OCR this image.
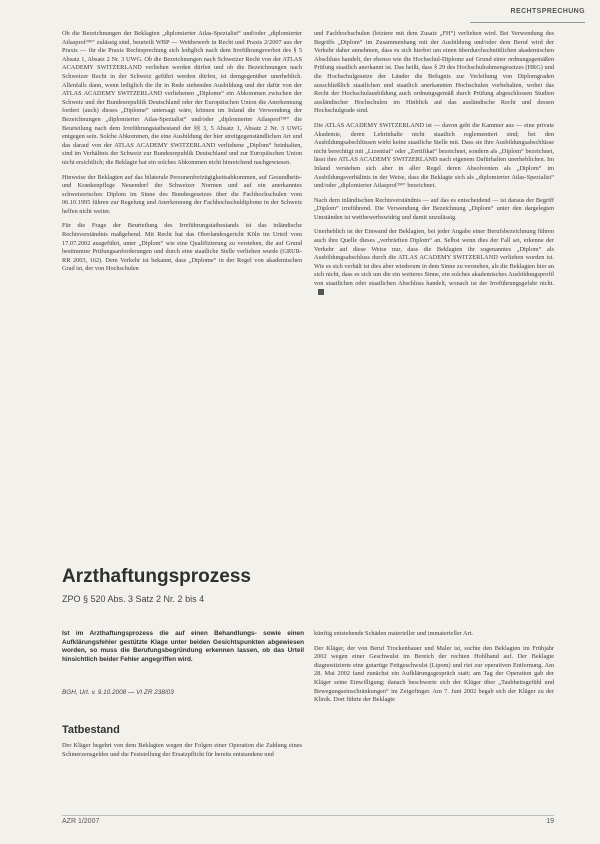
RECHTSPRECHUNG

Ob die Bezeichnungen der Beklagten „diplomierter Atlas-Spezialist“ und/oder „diplomierter Atlasprof™“ zulässig sind, beurteilt WBP — Wettbewerb in Recht und Praxis 2/2007 aus der Praxis — für die Praxis Rechtsprechung sich lediglich nach dem Irreführungsverbot des § 5 Absatz 1, Absatz 2 Nr. 3 UWG. Ob die Bezeichnungen nach Schweizer Recht von der ATLAS ACADEMY SWITZERLAND verliehen werden dürfen und ob die Bezeichnungen nach Schweizer Recht in der Schweiz geführt werden dürfen, ist demgegenüber unerheblich. Allenfalls dann, wenn lediglich die ihr in Rede stehenden Ausbildung und der dafür von der ATLAS ACADEMY SWITZERLAND verliehenen „Diplome“ ein Abkommen zwischen der Schweiz und der Bundesrepublik Deutschland oder der Europäischen Union die Anerkennung fordert (auch) dieses „Diplome“ untersagt wäre, können im Inland die Verwendung der Bezeichnungen „diplomierter Atlas-Spezialist“ und/oder „diplomierter Atlasprof™“ die Beurteilung nach dem Irreführungstatbestand der §§ 3, 5 Absatz 1, Absatz 2 Nr. 3 UWG entgegen sein. Solche Abkommen, die eine Ausbildung der hier streitgegenständlichen Art und das darauf von der ATLAS ACADEMY SWITZERLAND verliehene „Diplom“ beinhalten, sind im Verhältnis der Schweiz zur Bundesrepublik Deutschland und zur Europäischen Union nicht ersichtlich; die Beklagte hat ein solches Abkommen nicht hinreichend nachgewiesen.

Hinweise der Beklagten auf das bilaterale Personenfreizügigkeitsabkommen, auf Gesundheits- und Krankenpflege Neuendorf der Schweizer Normen und auf ein anerkanntes schweizerisches Diplom im Sinne des Bundesgesetzes über die Fachhochschulen vom 06.10.1995 führen zur Regelung und Anerkennung der Fachhochschuldiplome in der Schweiz helfen nicht weiter.

Für die Frage der Beurteilung des Irreführungstatbestands ist das inländische Rechtsverständnis maßgebend. Mit Recht hat das Oberlandesgericht Köln im Urteil vom 17.07.2002 ausgeführt, unter „Diplom“ wie eine Qualifizierung zu verstehen, die auf Grund bestimmter Prüfungsanforderungen und durch eine staatliche Stelle verliehen wurde (GRUR-RR 2003, 162). Dem Verkehr ist bekannt, dass „Diplome“ in der Regel von akademischen Grad ist, der von Hochschulen

und Fachhochschulen (letztere mit dem Zusatz „FH“) verliehen wird. Bei Verwendung des Begriffs „Diplom“ im Zusammenhang mit der Ausbildung und/oder dem Beruf wird der Verkehr daher annehmen, dass es sich hierbei um einen überdurchschnittlichen akademischen Abschluss handelt, der ebenso wie die Hochschul-Diplome auf Grund einer ordnungsgemäßen Prüfung staatlich anerkannt ist. Das heißt, dass § 29 des Hochschulrahmengesetzes (HRG) und die Hochschulgesetze der Länder die Befugnis zur Verleihung von Diplomgraden ausschließlich staatlichen und staatlich anerkannten Hochschulen vorbehalten, wobei das Recht der Hochschulausbildung auch ordnungsgemäß durch Prüfung abgeschlossen Studien ausländischer Hochschulen im Hinblick auf das ausländische Recht und dessen Hochschulgrade sind.

Die ATLAS ACADEMY SWITZERLAND ist — davon geht die Kammer aus — eine private Akademie, deren Lehrinhalte nicht staatlich reglementiert sind; bei den Ausbildungsabschlüssen wirkt keine staatliche Stelle mit. Dass sie ihre Ausbildungsabschlüsse nicht berechtigt mit „Lizentiat“ oder „Zertifikat“ bezeichnet, sondern als „Diplom“ bezeichnet, lässt ihre ATLAS ACADEMY SWITZERLAND nach eigenem Dafürhalten unerheblichen. Im Inland verstehen sich aber in aller Regel deren Absolventen als „Diplom“ im Ausbildungsverhältnis in der Weise, dass die Beklagte sich als „diplomierter Atlas-Spezialist“ und/oder „diplomierter Atlasprof™“ bezeichnet.

Nach dem inländischen Rechtsverständnis — auf das es entscheidend — ist daraus der Begriff „Diplom“ irreführend. Die Verwendung der Bezeichnung „Diplom“ unter den dargelegten Umständen ist wettbewerbswidrig und damit unzulässig.

Unerheblich ist der Einwand der Beklagten, bei jeder Angabe einer Berufsbezeichnung führen auch ihre Quelle dieses „verbrieften Diplom“ an. Selbst wenn dies der Fall sei, erkenne der Verkehr auf diese Weise nur, dass die Beklagten ihr sogenanntes „Diplom“ als Ausbildungsabschluss durch die ATLAS ACADEMY SWITZERLAND verliehen worden ist. Wie es sich verhält ist dies aber wiederum in dem Sinne zu verstehen, als die Beklagten hier an sich nicht, dass es sich um die ein weiteres Sinne, ein solches akademisches Ausbildungsprofil von staatlichen oder staatlichen Abschluss handelt, wonach ist der Irreführungsgefahr nicht.

Arzthaftungsprozess
ZPO § 520 Abs. 3 Satz 2 Nr. 2 bis 4
Ist im Arzthaftungsprozess die auf einen Behandlungs- sowie einen Aufklärungsfehler gestützte Klage unter beiden Gesichtspunkten abgewiesen worden, so muss die Berufungsbegründung erkennen lassen, ob das Urteil hinsichtlich beider Fehler angegriffen wird.
BGH, Urt. v. 9.10.2008 — VI ZR 238/03
Tatbestand

Der Kläger begehrt von dem Beklagten wegen der Folgen einer Operation die Zahlung eines Schmerzensgeldes und die Feststellung der Ersatzpflicht für bereits entstandene und

künftig entstehende Schäden materieller und immaterieller Art.

Der Kläger, der von Beruf Trockenbauer und Maler ist, suchte den Beklagten im Frühjahr 2002 wegen einer Geschwulst im Bereich der rechten Hohlhand auf. Der Beklagte diagnostizierte eine gutartige Fettgeschwulst (Lipom) und riet zur operativen Entfernung. Am 28. Mai 2002 fand zunächst ein Aufklärungsgespräch statt; am Tag der Operation gab der Kläger seine Einwilligung; danach beschwerte sich der Kläger über „Taubheitsgefühl und Bewegungseinschränkungen“ im Zeigefinger. Am 7. Juni 2002 begab sich der Kläger zu der Klinik. Dort führte der Beklagte

AZR 1/2007	19
